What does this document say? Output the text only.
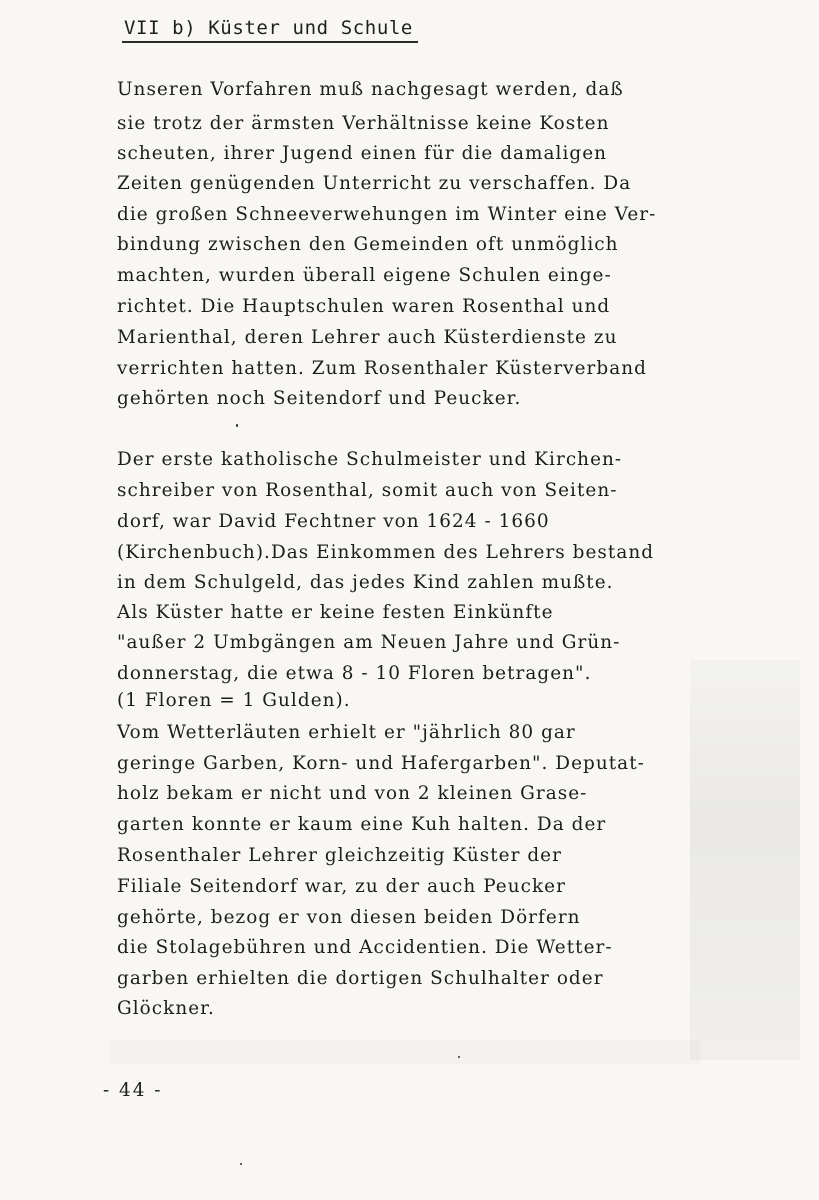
VII b) Küster und Schule
Unseren Vorfahren muß nachgesagt werden, daß
sie trotz der ärmsten Verhältnisse keine Kosten
scheuten, ihrer Jugend einen für die damaligen
Zeiten genügenden Unterricht zu verschaffen. Da
die großen Schneeverwehungen im Winter eine Ver-
bindung zwischen den Gemeinden oft unmöglich
machten, wurden überall eigene Schulen einge-
richtet. Die Hauptschulen waren Rosenthal und
Marienthal, deren Lehrer auch Küsterdienste zu
verrichten hatten. Zum Rosenthaler Küsterverband
gehörten noch Seitendorf und Peucker.
Der erste katholische Schulmeister und Kirchen-
schreiber von Rosenthal, somit auch von Seiten-
dorf, war David Fechtner von 1624 - 1660
(Kirchenbuch).Das Einkommen des Lehrers bestand
in dem Schulgeld, das jedes Kind zahlen mußte.
Als Küster hatte er keine festen Einkünfte
"außer 2 Umbgängen am Neuen Jahre und Grün-
donnerstag, die etwa 8 - 10 Floren betragen".
(1 Floren = 1 Gulden).
Vom Wetterläuten erhielt er "jährlich 80 gar
geringe Garben, Korn- und Hafergarben". Deputat-
holz bekam er nicht und von 2 kleinen Grase-
garten konnte er kaum eine Kuh halten. Da der
Rosenthaler Lehrer gleichzeitig Küster der
Filiale Seitendorf war, zu der auch Peucker
gehörte, bezog er von diesen beiden Dörfern
die Stolagebühren und Accidentien. Die Wetter-
garben erhielten die dortigen Schulhalter oder
Glöckner.
- 44 -
